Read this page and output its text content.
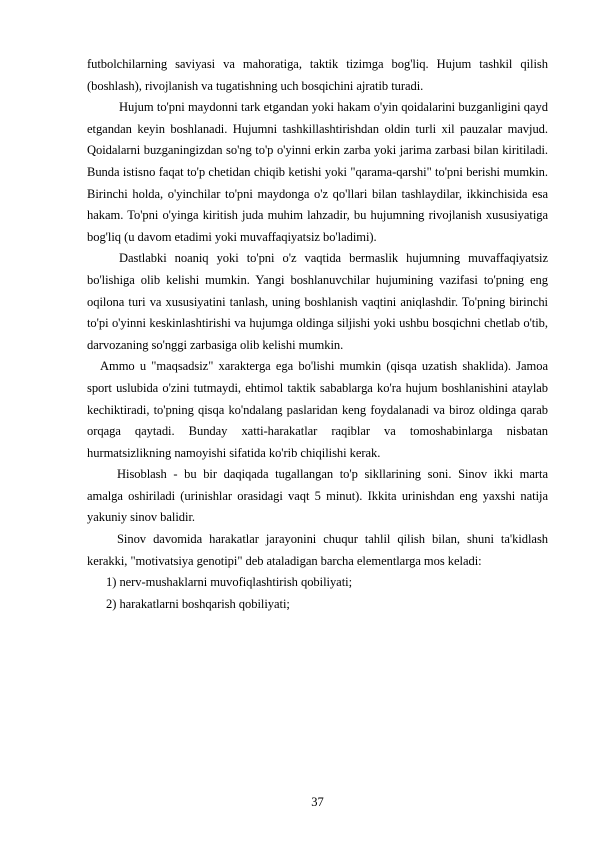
futbolchilarning saviyasi va mahoratiga, taktik tizimga bog'liq. Hujum tashkil qilish (boshlash), rivojlanish va tugatishning uch bosqichini ajratib turadi.

Hujum to'pni maydonni tark etgandan yoki hakam o'yin qoidalarini buzganligini qayd etgandan keyin boshlanadi. Hujumni tashkillashtirishdan oldin turli xil pauzalar mavjud. Qoidalarni buzganingizdan so'ng to'p o'yinni erkin zarba yoki jarima zarbasi bilan kiritiladi. Bunda istisno faqat to'p chetidan chiqib ketishi yoki "qarama-qarshi" to'pni berishi mumkin. Birinchi holda, o'yinchilar to'pni maydonga o'z qo'llari bilan tashlaydilar, ikkinchisida esa hakam. To'pni o'yinga kiritish juda muhim lahzadir, bu hujumning rivojlanish xususiyatiga bog'liq (u davom etadimi yoki muvaffaqiyatsiz bo'ladimi).

Dastlabki noaniq yoki to'pni o'z vaqtida bermaslik hujumning muvaffaqiyatsiz bo'lishiga olib kelishi mumkin. Yangi boshlanuvchilar hujumining vazifasi to'pning eng oqilona turi va xususiyatini tanlash, uning boshlanish vaqtini aniqlashdir. To'pning birinchi to'pi o'yinni keskinlashtirishi va hujumga oldinga siljishi yoki ushbu bosqichni chetlab o'tib, darvozaning so'nggi zarbasiga olib kelishi mumkin.

Ammo u "maqsadsiz" xarakterga ega bo'lishi mumkin (qisqa uzatish shaklida). Jamoa sport uslubida o'zini tutmaydi, ehtimol taktik sabablarga ko'ra hujum boshlanishini ataylab kechiktiradi, to'pning qisqa ko'ndalang paslaridan keng foydalanadi va biroz oldinga qarab orqaga qaytadi. Bunday xatti-harakatlar raqiblar va tomoshabinlarga nisbatan hurmatsizlikning namoyishi sifatida ko'rib chiqilishi kerak.

Hisoblash - bu bir daqiqada tugallangan to'p sikllarining soni. Sinov ikki marta amalga oshiriladi (urinishlar orasidagi vaqt 5 minut). Ikkita urinishdan eng yaxshi natija yakuniy sinov balidir.

Sinov davomida harakatlar jarayonini chuqur tahlil qilish bilan, shuni ta'kidlash kerakki, "motivatsiya genotipi" deb ataladigan barcha elementlarga mos keladi:

1) nerv-mushaklarni muvofiqlashtirish qobiliyati;

2) harakatlarni boshqarish qobiliyati;

37
